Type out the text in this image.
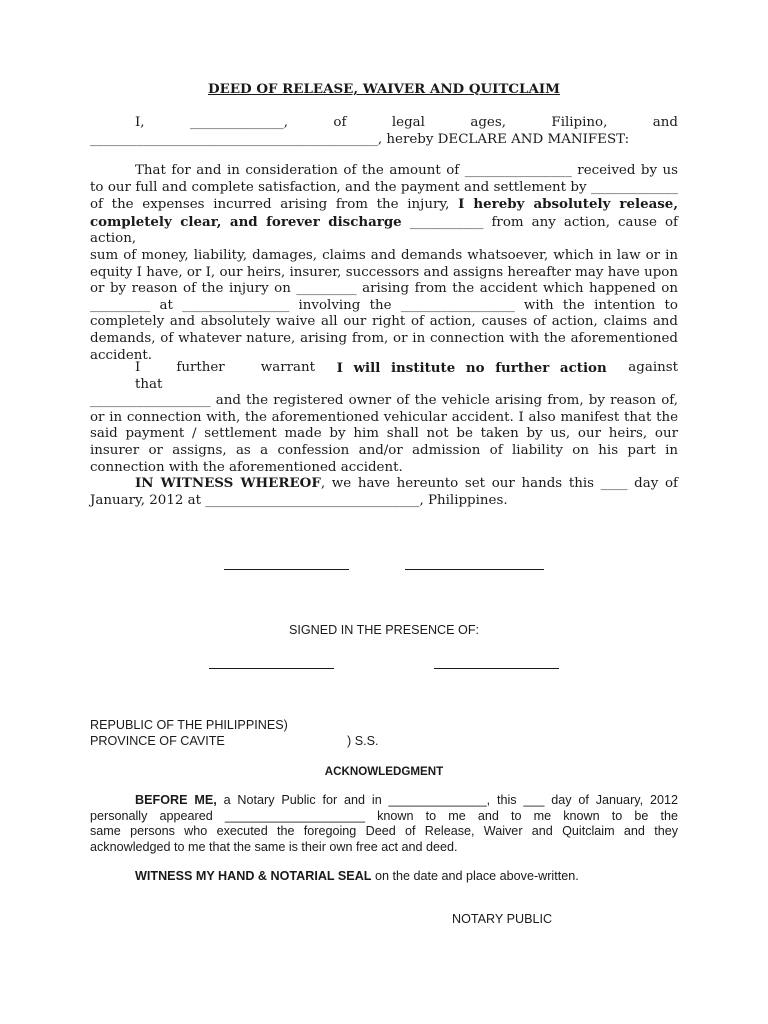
DEED OF RELEASE, WAIVER AND QUITCLAIM
I,	______________,	of	legal	ages,	Filipino,	and
___________________________________________, hereby DECLARE AND MANIFEST:
That for and in consideration of the amount of ________________ received by us
to our full and complete satisfaction, and the payment and settlement by _____________
of the expenses incurred arising from the injury, I hereby absolutely release,
completely clear, and forever discharge ___________ from any action, cause of action,
sum of money, liability, damages, claims and demands whatsoever, which in law or in
equity I have, or I, our heirs, insurer, successors and assigns hereafter may have upon
or by reason of the injury on _________ arising from the accident which happened on
_________ at ________________ involving the _________________ with the intention to
completely and absolutely waive all our right of action, causes of action, claims and
demands, of whatever nature, arising from, or in connection with the aforementioned
accident.
I further warrant that
I will institute no further action against
__________________ and the registered owner of the vehicle arising from, by reason of,
or in connection with, the aforementioned vehicular accident. I also manifest that the
said payment / settlement made by him shall not be taken by us, our heirs, our
insurer or assigns, as a confession and/or admission of liability on his part in
connection with the aforementioned accident.
IN WITNESS WHEREOF, we have hereunto set our hands this ____ day of
January, 2012 at ________________________________, Philippines.
SIGNED IN THE PRESENCE OF:
REPUBLIC OF THE PHILIPPINES)
PROVINCE OF CAVITE	) S.S.
ACKNOWLEDGMENT
BEFORE ME, a Notary Public for and in ______________, this ___ day of January, 2012
personally appeared ____________________ known to me and to me known to be the
same persons who executed the foregoing Deed of Release, Waiver and Quitclaim and they
acknowledged to me that the same is their own free act and deed.
WITNESS MY HAND & NOTARIAL SEAL on the date and place above-written.
NOTARY PUBLIC
